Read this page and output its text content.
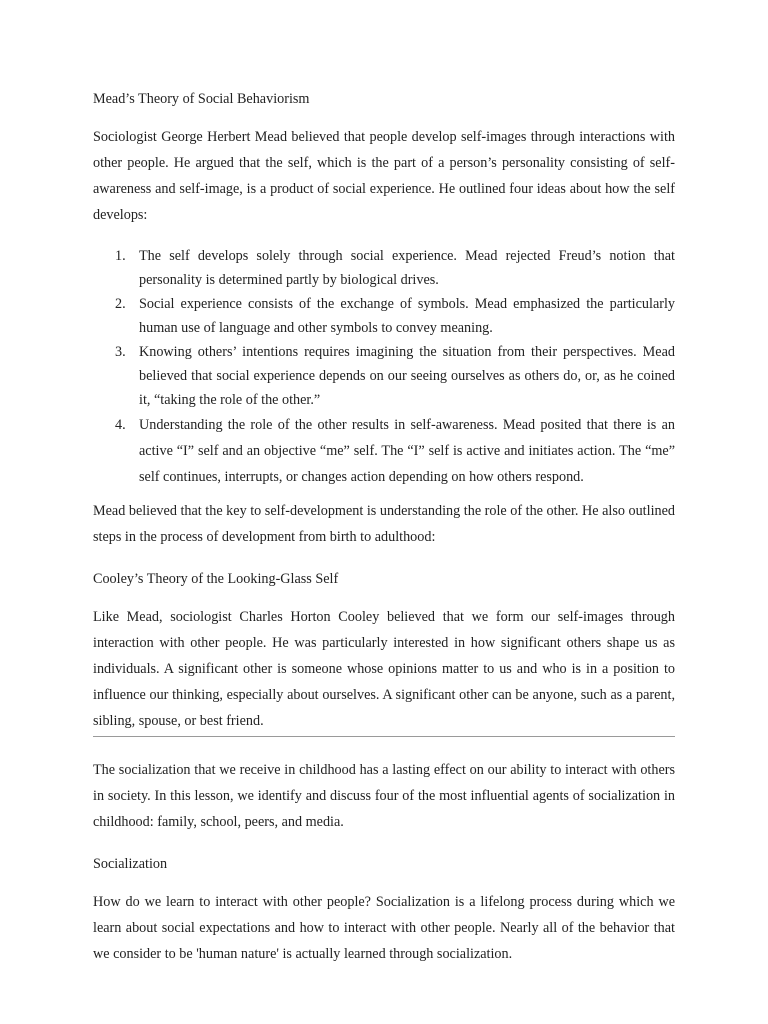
Mead’s Theory of Social Behaviorism

Sociologist George Herbert Mead believed that people develop self-images through interactions with other people. He argued that the self, which is the part of a person’s personality consisting of self-awareness and self-image, is a product of social experience. He outlined four ideas about how the self develops:

1. The self develops solely through social experience. Mead rejected Freud’s notion that personality is determined partly by biological drives.
2. Social experience consists of the exchange of symbols. Mead emphasized the particularly human use of language and other symbols to convey meaning.
3. Knowing others’ intentions requires imagining the situation from their perspectives. Mead believed that social experience depends on our seeing ourselves as others do, or, as he coined it, “taking the role of the other.”
4. Understanding the role of the other results in self-awareness. Mead posited that there is an active “I” self and an objective “me” self. The “I” self is active and initiates action. The “me” self continues, interrupts, or changes action depending on how others respond.

Mead believed that the key to self-development is understanding the role of the other. He also outlined steps in the process of development from birth to adulthood:

Cooley’s Theory of the Looking-Glass Self

Like Mead, sociologist Charles Horton Cooley believed that we form our self-images through interaction with other people. He was particularly interested in how significant others shape us as individuals. A significant other is someone whose opinions matter to us and who is in a position to influence our thinking, especially about ourselves. A significant other can be anyone, such as a parent, sibling, spouse, or best friend.

The socialization that we receive in childhood has a lasting effect on our ability to interact with others in society. In this lesson, we identify and discuss four of the most influential agents of socialization in childhood: family, school, peers, and media.

Socialization

How do we learn to interact with other people? Socialization is a lifelong process during which we learn about social expectations and how to interact with other people. Nearly all of the behavior that we consider to be 'human nature' is actually learned through socialization.
